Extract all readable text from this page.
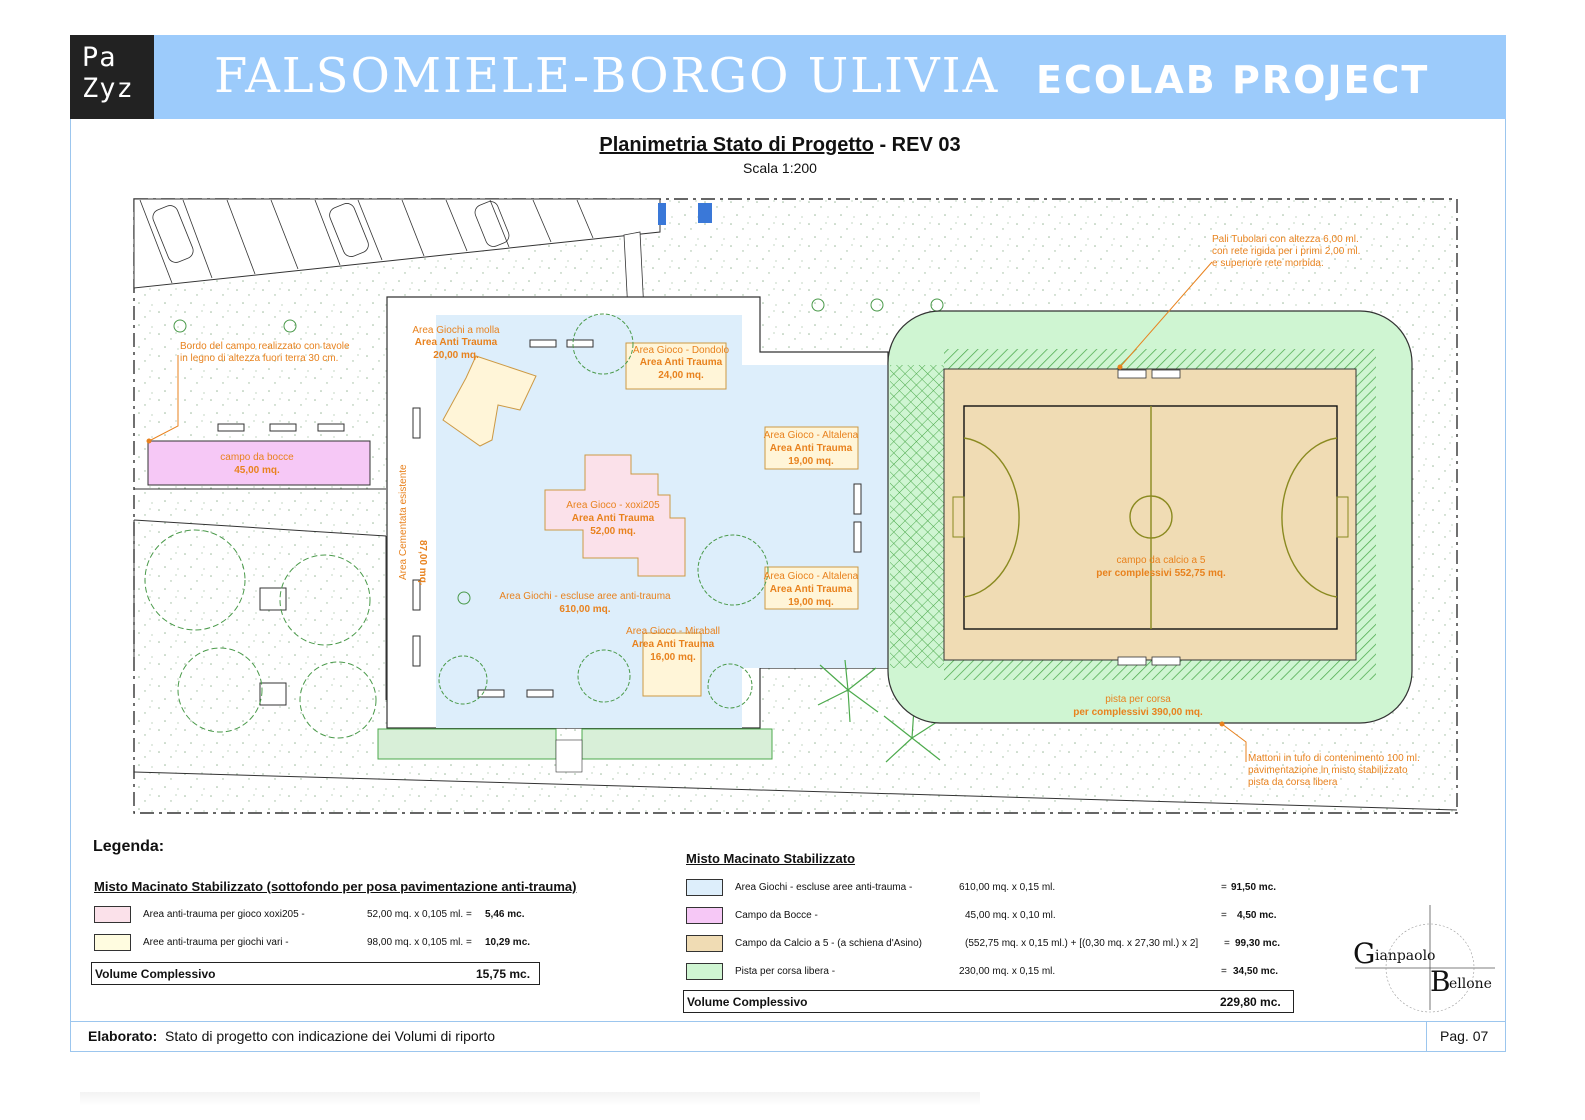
Pa
Zyz	FALSOMIELE-BORGO ULIVIA ECOLAB PROJECT
Planimetria Stato di Progetto - REV 03
Scala 1:200
Area Giochi a molla
Area Anti Trauma
20,00 mq.	Area Gioco - Dondolo
Area Anti Trauma
24,00 mq.
Area Gioco - Altalena
Area Anti Trauma
19,00 mq.
Area Gioco - Altalena
Area Anti Trauma
19,00 mq.
Area Gioco - xoxi205
Area Anti Trauma
52,00 mq.
Area Gioco - Miraball
Area Anti Trauma
16,00 mq.
Area Giochi - escluse aree anti-trauma
610,00 mq.
campo da bocce
45,00 mq.
Bordo del campo realizzato con tavole
in legno di altezza fuori terra 30 cm.
Area Cementata esistente 87,00 mq.
Pali Tubolari con altezza 6,00 ml.
con rete rigida per i primi 2,00 ml.
e superiore rete morbida.
campo da calcio a 5
per complessivi 552,75 mq.
pista per corsa
per complessivi 390,00 mq.
Mattoni in tufo di contenimento 100 ml.
pavimentazione in misto stabilizzato
pista da corsa libera
Legenda:
Misto Macinato Stabilizzato (sottofondo per posa pavimentazione anti-trauma)
Area anti-trauma per gioco xoxi205 -	52,00 mq. x 0,105 ml. = 5,46 mc.
Aree anti-trauma per giochi vari -	98,00 mq. x 0,105 ml. = 10,29 mc.
Volume Complessivo	15,75 mc.
Misto Macinato Stabilizzato
Area Giochi - escluse aree anti-trauma -	610,00 mq. x 0,15 ml.	= 91,50 mc.
Campo da Bocce -	45,00 mq. x 0,10 ml.	= 4,50 mc.
Campo da Calcio a 5 - (a schiena d'Asino)	(552,75 mq. x 0,15 ml.) + [(0,30 mq. x 27,30 ml.) x 2]	= 99,30 mc.
Pista per corsa libera -	230,00 mq. x 0,15 ml.	= 34,50 mc.
Volume Complessivo	229,80 mc.
G ianpaolo
B
ellone
Elaborato: Stato di progetto con indicazione dei Volumi di riporto	Pag. 07
